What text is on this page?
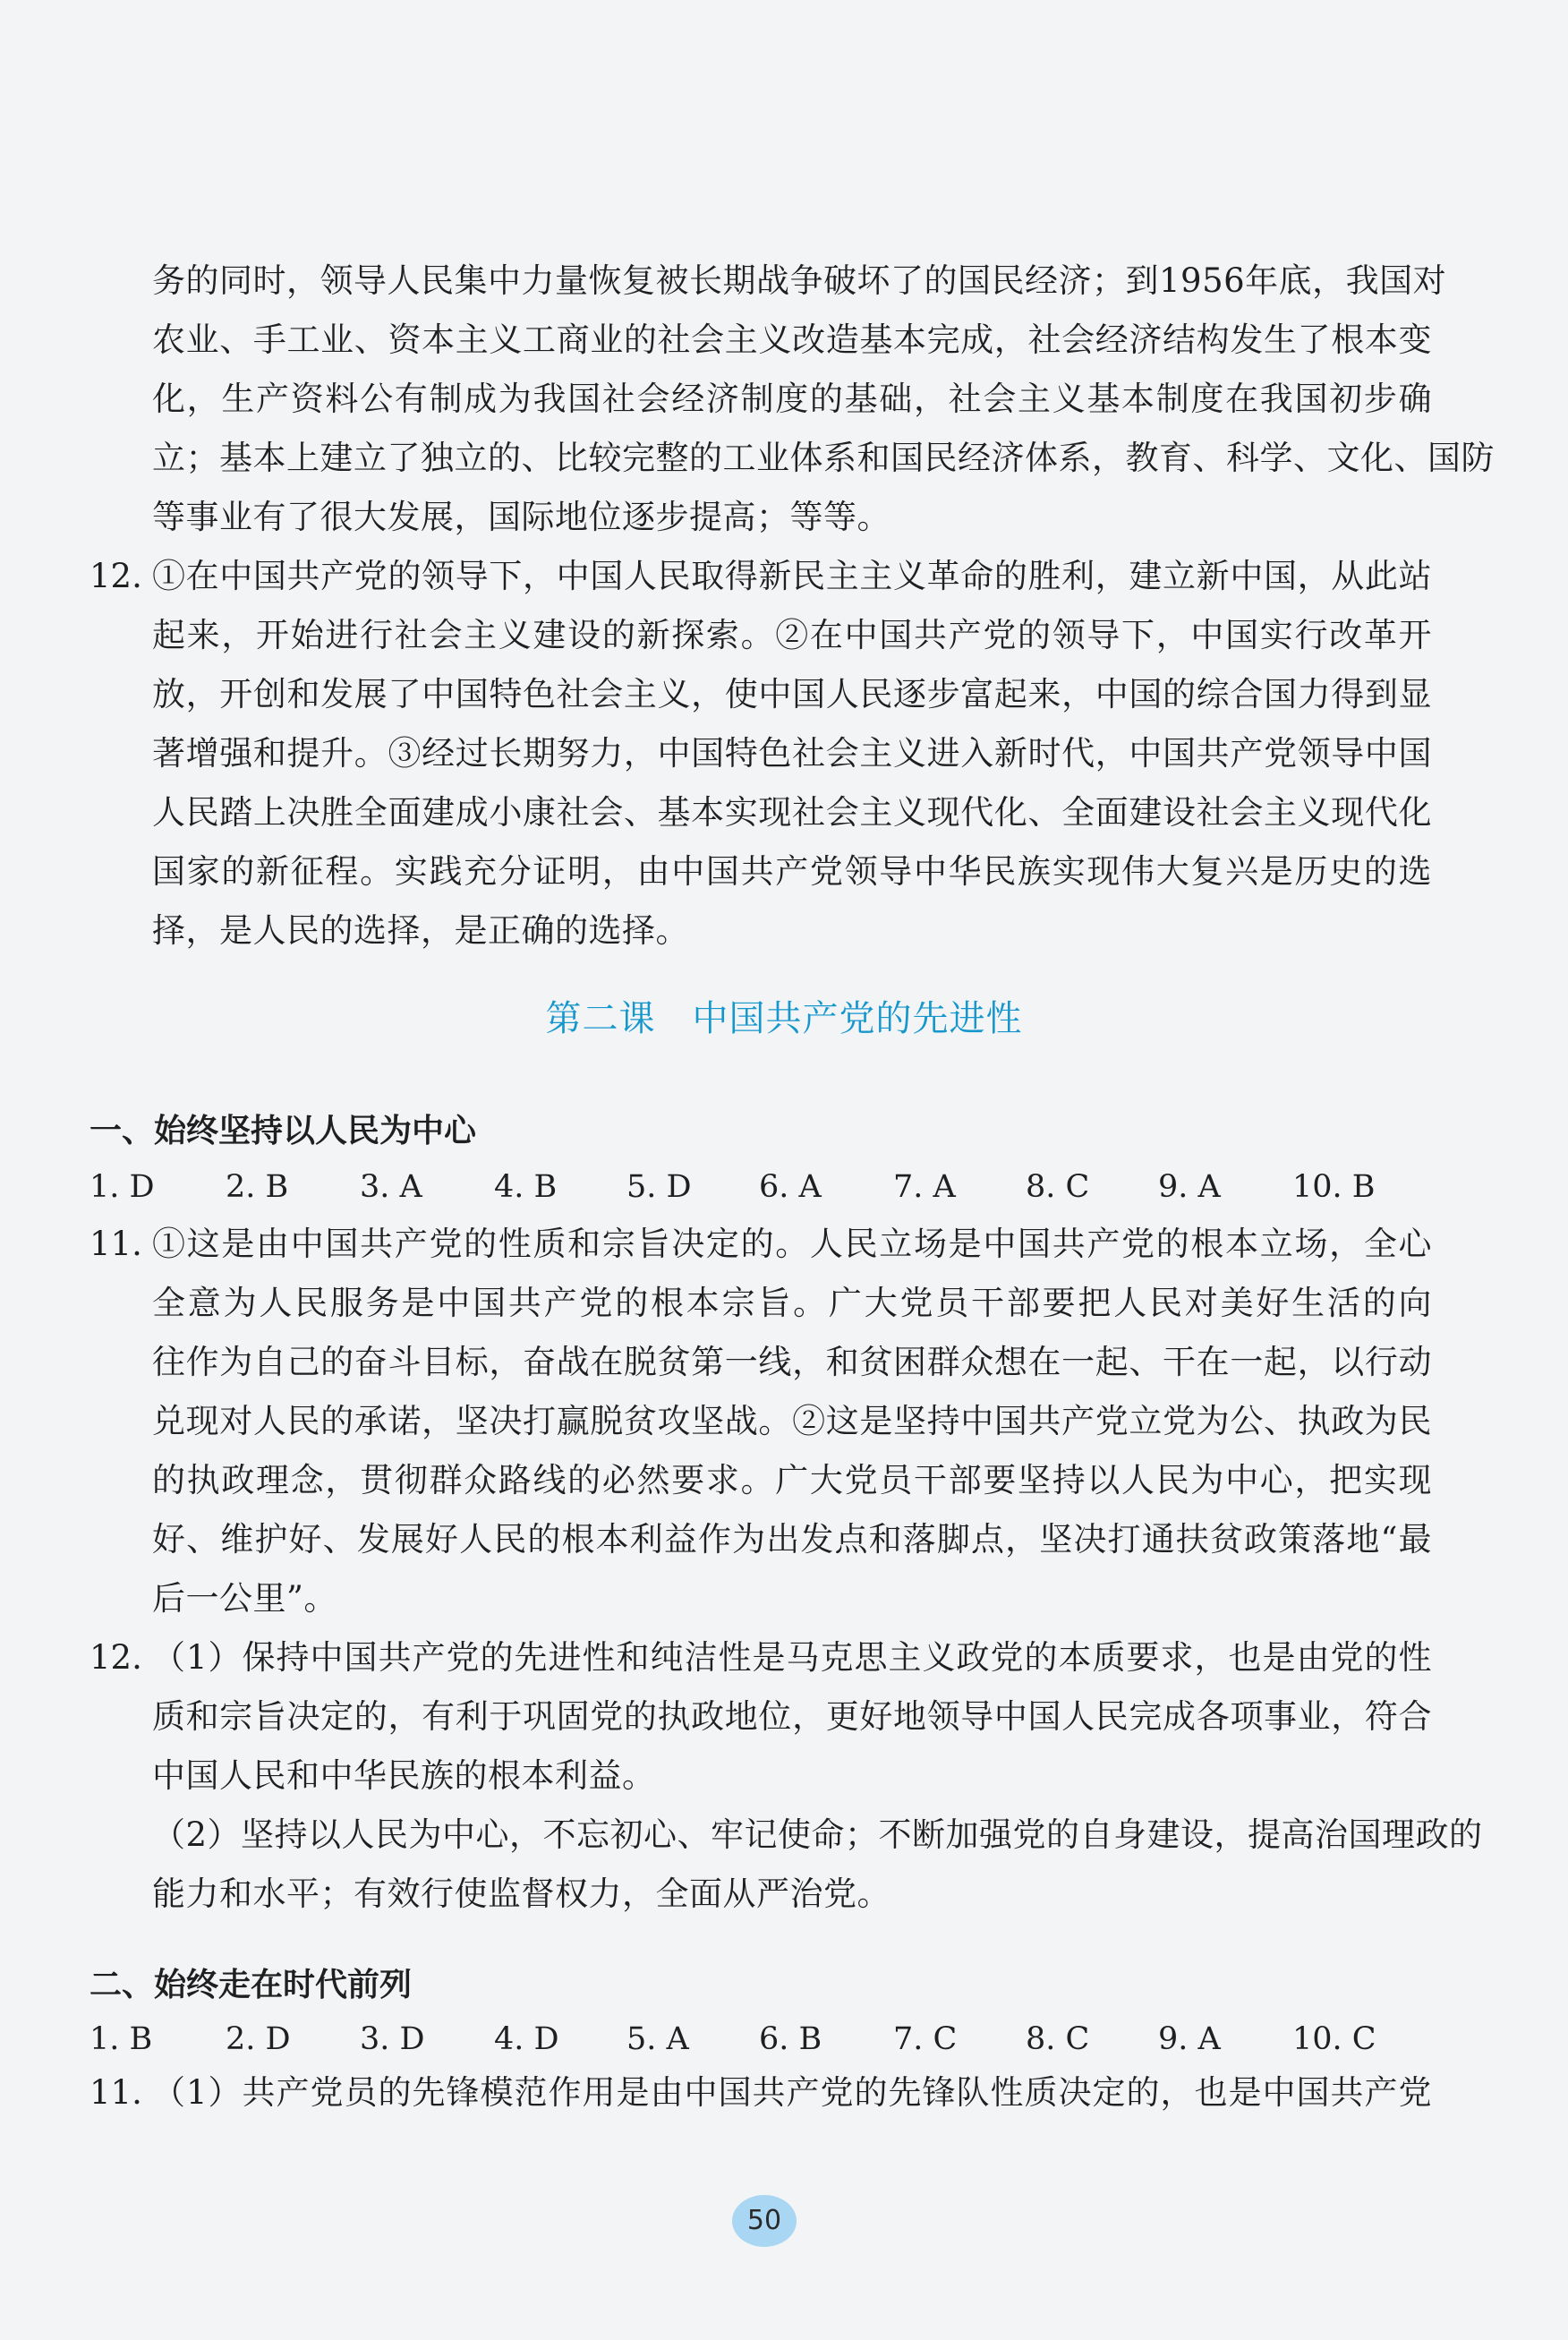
务的同时，领导人民集中力量恢复被长期战争破坏了的国民经济；到1956年底，我国对
农业、手工业、资本主义工商业的社会主义改造基本完成，社会经济结构发生了根本变
化，生产资料公有制成为我国社会经济制度的基础，社会主义基本制度在我国初步确
立；基本上建立了独立的、比较完整的工业体系和国民经济体系，教育、科学、文化、国防
等事业有了很大发展，国际地位逐步提高；等等。
12. ①在中国共产党的领导下，中国人民取得新民主主义革命的胜利，建立新中国，从此站
起来，开始进行社会主义建设的新探索。②在中国共产党的领导下，中国实行改革开
放，开创和发展了中国特色社会主义，使中国人民逐步富起来，中国的综合国力得到显
著增强和提升。③经过长期努力，中国特色社会主义进入新时代，中国共产党领导中国
人民踏上决胜全面建成小康社会、基本实现社会主义现代化、全面建设社会主义现代化
国家的新征程。实践充分证明，由中国共产党领导中华民族实现伟大复兴是历史的选
择，是人民的选择，是正确的选择。
第二课　中国共产党的先进性
一、始终坚持以人民为中心
1. D 2. B 3. A 4. B 5. D 6. A 7. A 8. C 9. A 10. B
11. ①这是由中国共产党的性质和宗旨决定的。人民立场是中国共产党的根本立场，全心
全意为人民服务是中国共产党的根本宗旨。广大党员干部要把人民对美好生活的向
往作为自己的奋斗目标，奋战在脱贫第一线，和贫困群众想在一起、干在一起，以行动
兑现对人民的承诺，坚决打赢脱贫攻坚战。②这是坚持中国共产党立党为公、执政为民
的执政理念，贯彻群众路线的必然要求。广大党员干部要坚持以人民为中心，把实现
好、维护好、发展好人民的根本利益作为出发点和落脚点，坚决打通扶贫政策落地“最
后一公里”。
12. （1）保持中国共产党的先进性和纯洁性是马克思主义政党的本质要求，也是由党的性
质和宗旨决定的，有利于巩固党的执政地位，更好地领导中国人民完成各项事业，符合
中国人民和中华民族的根本利益。
（2）坚持以人民为中心，不忘初心、牢记使命；不断加强党的自身建设，提高治国理政的
能力和水平；有效行使监督权力，全面从严治党。
二、始终走在时代前列
1. B 2. D 3. D 4. D 5. A 6. B 7. C 8. C 9. A 10. C
11. （1）共产党员的先锋模范作用是由中国共产党的先锋队性质决定的，也是中国共产党
50
